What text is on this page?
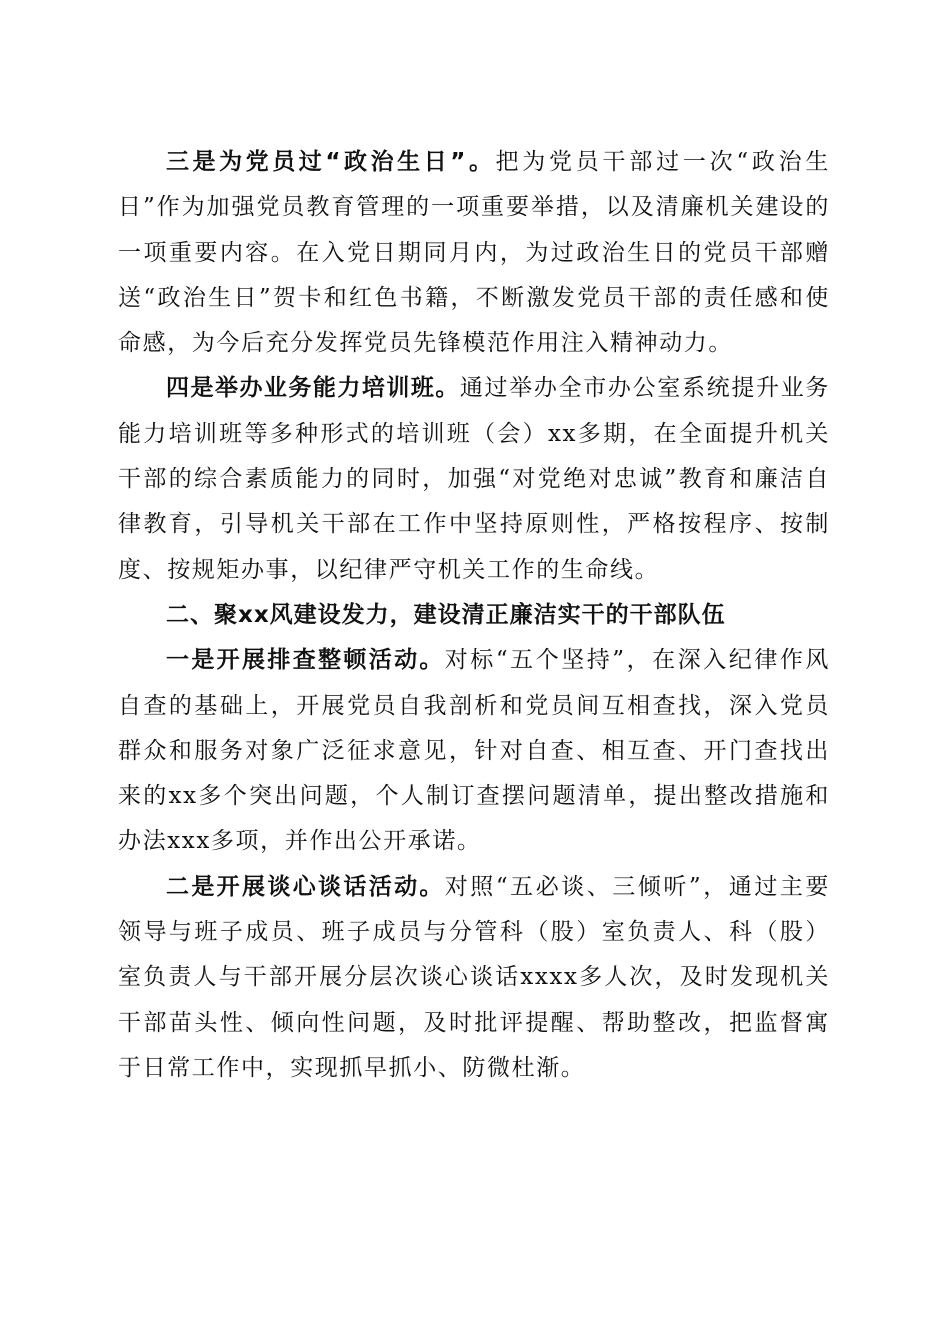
三是为党员过“政治生日”。把为党员干部过一次“政治生日”作为加强党员教育管理的一项重要举措，以及清廉机关建设的一项重要内容。在入党日期同月内，为过政治生日的党员干部赠送“政治生日”贺卡和红色书籍，不断激发党员干部的责任感和使命感，为今后充分发挥党员先锋模范作用注入精神动力。

四是举办业务能力培训班。通过举办全市办公室系统提升业务能力培训班等多种形式的培训班（会）xx多期，在全面提升机关干部的综合素质能力的同时，加强“对党绝对忠诚”教育和廉洁自律教育，引导机关干部在工作中坚持原则性，严格按程序、按制度、按规矩办事，以纪律严守机关工作的生命线。

二、聚xx风建设发力，建设清正廉洁实干的干部队伍

一是开展排查整顿活动。对标“五个坚持”，在深入纪律作风自查的基础上，开展党员自我剖析和党员间互相查找，深入党员群众和服务对象广泛征求意见，针对自查、相互查、开门查找出来的xx多个突出问题，个人制订查摆问题清单，提出整改措施和办法xxx多项，并作出公开承诺。

二是开展谈心谈话活动。对照“五必谈、三倾听”，通过主要领导与班子成员、班子成员与分管科（股）室负责人、科（股）室负责人与干部开展分层次谈心谈话xxxx多人次，及时发现机关干部苗头性、倾向性问题，及时批评提醒、帮助整改，把监督寓于日常工作中，实现抓早抓小、防微杜渐。
